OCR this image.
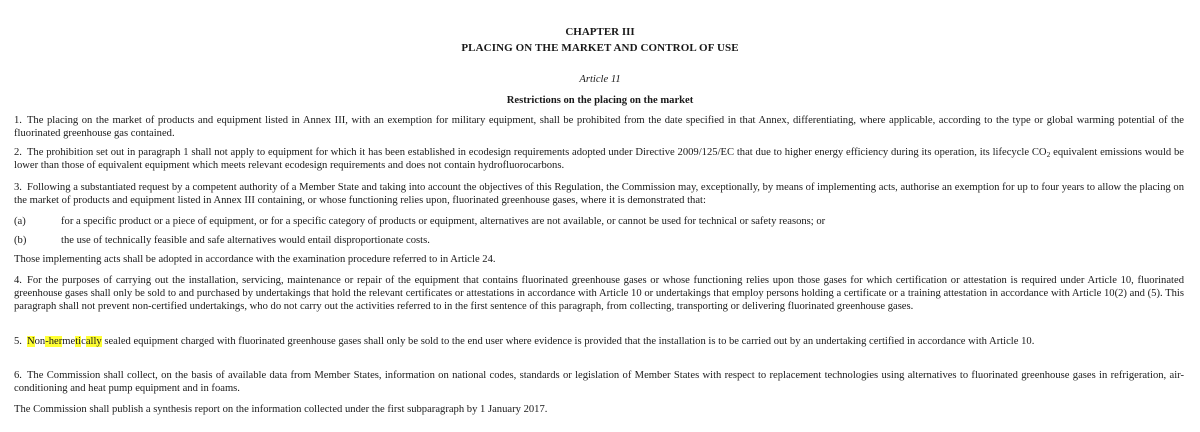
CHAPTER III
PLACING ON THE MARKET AND CONTROL OF USE
Article 11
Restrictions on the placing on the market
1. The placing on the market of products and equipment listed in Annex III, with an exemption for military equipment, shall be prohibited from the date specified in that Annex, differentiating, where applicable, according to the type or global warming potential of the fluorinated greenhouse gas contained.
2. The prohibition set out in paragraph 1 shall not apply to equipment for which it has been established in ecodesign requirements adopted under Directive 2009/125/EC that due to higher energy efficiency during its operation, its lifecycle $CO_2$ equivalent emissions would be lower than those of equivalent equipment which meets relevant ecodesign requirements and does not contain hydrofluorocarbons.
3. Following a substantiated request by a competent authority of a Member State and taking into account the objectives of this Regulation, the Commission may, exceptionally, by means of implementing acts, authorise an exemption for up to four years to allow the placing on the market of products and equipment listed in Annex III containing, or whose functioning relies upon, fluorinated greenhouse gases, where it is demonstrated that:
(a)	for a specific product or a piece of equipment, or for a specific category of products or equipment, alternatives are not available, or cannot be used for technical or safety reasons; or
(b)	the use of technically feasible and safe alternatives would entail disproportionate costs.
Those implementing acts shall be adopted in accordance with the examination procedure referred to in Article 24.
4. For the purposes of carrying out the installation, servicing, maintenance or repair of the equipment that contains fluorinated greenhouse gases or whose functioning relies upon those gases for which certification or attestation is required under Article 10, fluorinated greenhouse gases shall only be sold to and purchased by undertakings that hold the relevant certificates or attestations in accordance with Article 10 or undertakings that employ persons holding a certificate or a training attestation in accordance with Article 10(2) and (5). This paragraph shall not prevent non-certified undertakings, who do not carry out the activities referred to in the first sentence of this paragraph, from collecting, transporting or delivering fluorinated greenhouse gases.
5. Non-hermetically sealed equipment charged with fluorinated greenhouse gases shall only be sold to the end user where evidence is provided that the installation is to be carried out by an undertaking certified in accordance with Article 10.
6. The Commission shall collect, on the basis of available data from Member States, information on national codes, standards or legislation of Member States with respect to replacement technologies using alternatives to fluorinated greenhouse gases in refrigeration, air-conditioning and heat pump equipment and in foams.
The Commission shall publish a synthesis report on the information collected under the first subparagraph by 1 January 2017.
